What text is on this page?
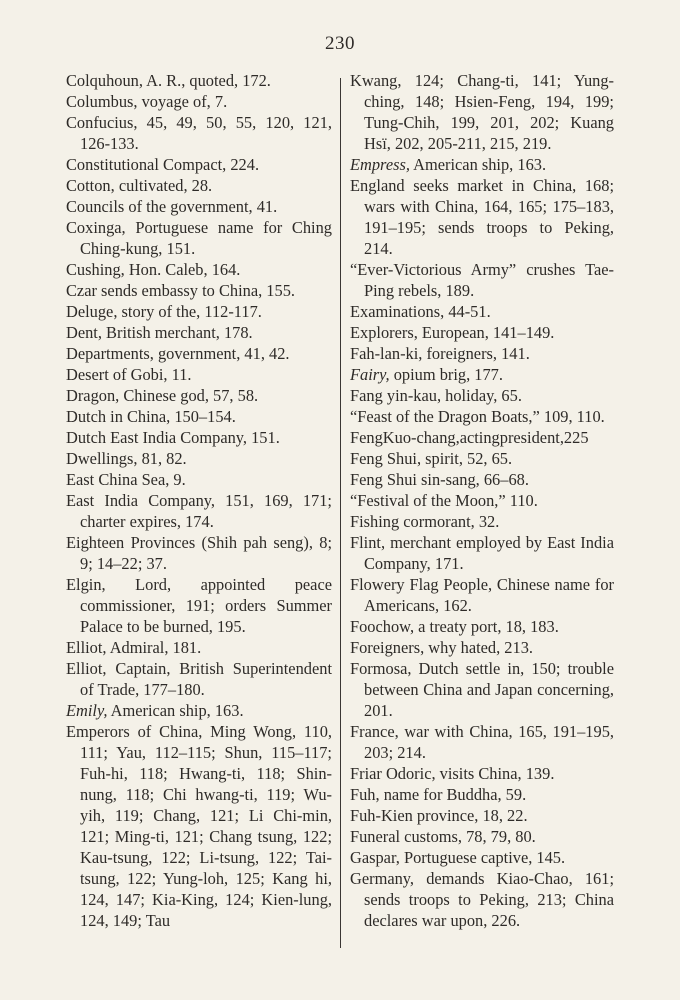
230
Colquhoun, A. R., quoted, 172.
Columbus, voyage of, 7.
Confucius, 45, 49, 50, 55, 120, 121, 126-133.
Constitutional Compact, 224.
Cotton, cultivated, 28.
Councils of the government, 41.
Coxinga, Portuguese name for Ching Ching-kung, 151.
Cushing, Hon. Caleb, 164.
Czar sends embassy to China, 155.
Deluge, story of the, 112-117.
Dent, British merchant, 178.
Departments, government, 41, 42.
Desert of Gobi, 11.
Dragon, Chinese god, 57, 58.
Dutch in China, 150–154.
Dutch East India Company, 151.
Dwellings, 81, 82.
East China Sea, 9.
East India Company, 151, 169, 171; charter expires, 174.
Eighteen Provinces (Shih pah seng), 8; 9; 14–22; 37.
Elgin, Lord, appointed peace commissioner, 191; orders Summer Palace to be burned, 195.
Elliot, Admiral, 181.
Elliot, Captain, British Superintendent of Trade, 177–180.
Emily, American ship, 163.
Emperors of China, Ming Wong, 110, 111; Yau, 112–115; Shun, 115–117; Fuh-hi, 118; Hwang-ti, 118; Shin-nung, 118; Chi hwang-ti, 119; Wu-yih, 119; Chang, 121; Li Chi-min, 121; Ming-ti, 121; Chang tsung, 122; Kau-tsung, 122; Li-tsung, 122; Tai-tsung, 122; Yung-loh, 125; Kang hi, 124, 147; Kia-King, 124; Kien-lung, 124, 149; Tau
Kwang, 124; Chang-ti, 141; Yung-ching, 148; Hsien-Feng, 194, 199; Tung-Chih, 199, 201, 202; Kuang Hsï, 202, 205-211, 215, 219.
Empress, American ship, 163.
England seeks market in China, 168; wars with China, 164, 165; 175–183, 191–195; sends troops to Peking, 214.
“Ever-Victorious Army” crushes Tae-Ping rebels, 189.
Examinations, 44-51.
Explorers, European, 141–149.
Fah-lan-ki, foreigners, 141.
Fairy, opium brig, 177.
Fang yin-kau, holiday, 65.
“Feast of the Dragon Boats,” 109, 110.
FengKuo-chang,actingpresident,225
Feng Shui, spirit, 52, 65.
Feng Shui sin-sang, 66–68.
“Festival of the Moon,” 110.
Fishing cormorant, 32.
Flint, merchant employed by East India Company, 171.
Flowery Flag People, Chinese name for Americans, 162.
Foochow, a treaty port, 18, 183.
Foreigners, why hated, 213.
Formosa, Dutch settle in, 150; trouble between China and Japan concerning, 201.
France, war with China, 165, 191–195, 203; 214.
Friar Odoric, visits China, 139.
Fuh, name for Buddha, 59.
Fuh-Kien province, 18, 22.
Funeral customs, 78, 79, 80.
Gaspar, Portuguese captive, 145.
Germany, demands Kiao-Chao, 161; sends troops to Peking, 213; China declares war upon, 226.
